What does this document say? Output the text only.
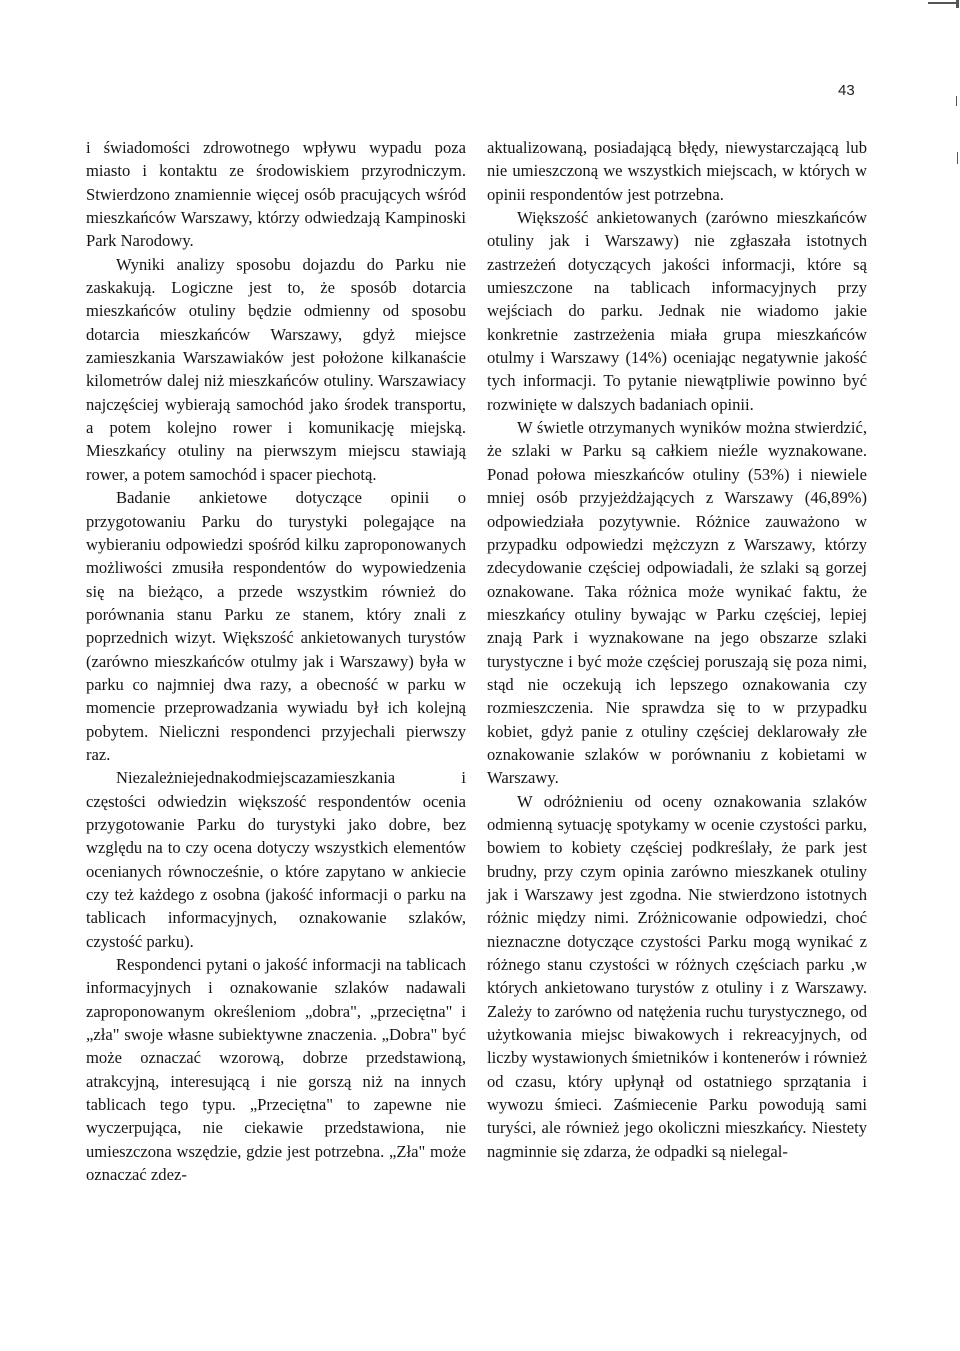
43

i świadomości zdrowotnego wpływu wypadu poza miasto i kontaktu ze środowiskiem przyrodniczym. Stwierdzono znamiennie więcej osób pracujących wśród mieszkańców Warszawy, którzy odwiedzają Kampinoski Park Narodowy.

Wyniki analizy sposobu dojazdu do Parku nie zaskakują. Logiczne jest to, że sposób dotarcia mieszkańców otuliny będzie odmienny od sposobu dotarcia mieszkańców Warszawy, gdyż miejsce zamieszkania Warszawiaków jest położone kilkanaście kilometrów dalej niż mieszkańców otuliny. Warszawiacy najczęściej wybierają samochód jako środek transportu, a potem kolejno rower i komunikację miejską. Mieszkańcy otuliny na pierwszym miejscu stawiają rower, a potem samochód i spacer piechotą.

Badanie ankietowe dotyczące opinii o przygotowaniu Parku do turystyki polegające na wybieraniu odpowiedzi spośród kilku zaproponowanych możliwości zmusiła respondentów do wypowiedzenia się na bieżąco, a przede wszystkim również do porównania stanu Parku ze stanem, który znali z poprzednich wizyt. Większość ankietowanych turystów (zarówno mieszkańców otulmy jak i Warszawy) była w parku co najmniej dwa razy, a obecność w parku w momencie przeprowadzania wywiadu był ich kolejną pobytem. Nieliczni respondenci przyjechali pierwszy raz.

Niezależniejednakodmiejscazamieszkania i częstości odwiedzin większość respondentów ocenia przygotowanie Parku do turystyki jako dobre, bez względu na to czy ocena dotyczy wszystkich elementów ocenianych równocześnie, o które zapytano w ankiecie czy też każdego z osobna (jakość informacji o parku na tablicach informacyjnych, oznakowanie szlaków, czystość parku).

Respondenci pytani o jakość informacji na tablicach informacyjnych i oznakowanie szlaków nadawali zaproponowanym określeniom „dobra", „przeciętna" i „zła" swoje własne subiektywne znaczenia. „Dobra" być może oznaczać wzorową, dobrze przedstawioną, atrakcyjną, interesującą i nie gorszą niż na innych tablicach tego typu. „Przeciętna" to zapewne nie wyczerpująca, nie ciekawie przedstawiona, nie umieszczona wszędzie, gdzie jest potrzebna. „Zła" może oznaczać zdez-

aktualizowaną, posiadającą błędy, niewystarczającą lub nie umieszczoną we wszystkich miejscach, w których w opinii respondentów jest potrzebna.

Większość ankietowanych (zarówno mieszkańców otuliny jak i Warszawy) nie zgłaszała istotnych zastrzeżeń dotyczących jakości informacji, które są umieszczone na tablicach informacyjnych przy wejściach do parku. Jednak nie wiadomo jakie konkretnie zastrzeżenia miała grupa mieszkańców otulmy i Warszawy (14%) oceniając negatywnie jakość tych informacji. To pytanie niewątpliwie powinno być rozwinięte w dalszych badaniach opinii.

W świetle otrzymanych wyników można stwierdzić, że szlaki w Parku są całkiem nieźle wyznakowane. Ponad połowa mieszkańców otuliny (53%) i niewiele mniej osób przyjeżdżających z Warszawy (46,89%) odpowiedziała pozytywnie. Różnice zauważono w przypadku odpowiedzi mężczyzn z Warszawy, którzy zdecydowanie częściej odpowiadali, że szlaki są gorzej oznakowane. Taka różnica może wynikać faktu, że mieszkańcy otuliny bywając w Parku częściej, lepiej znają Park i wyznakowane na jego obszarze szlaki turystyczne i być może częściej poruszają się poza nimi, stąd nie oczekują ich lepszego oznakowania czy rozmieszczenia. Nie sprawdza się to w przypadku kobiet, gdyż panie z otuliny częściej deklarowały złe oznakowanie szlaków w porównaniu z kobietami w Warszawy.

W odróżnieniu od oceny oznakowania szlaków odmienną sytuację spotykamy w ocenie czystości parku, bowiem to kobiety częściej podkreślały, że park jest brudny, przy czym opinia zarówno mieszkanek otuliny jak i Warszawy jest zgodna. Nie stwierdzono istotnych różnic między nimi. Zróżnicowanie odpowiedzi, choć nieznaczne dotyczące czystości Parku mogą wynikać z różnego stanu czystości w różnych częściach parku ,w których ankietowano turystów z otuliny i z Warszawy. Zależy to zarówno od natężenia ruchu turystycznego, od użytkowania miejsc biwakowych i rekreacyjnych, od liczby wystawionych śmietników i kontenerów i również od czasu, który upłynął od ostatniego sprzątania i wywozu śmieci. Zaśmiecenie Parku powodują sami turyści, ale również jego okoliczni mieszkańcy. Niestety nagminnie się zdarza, że odpadki są nielegal-
